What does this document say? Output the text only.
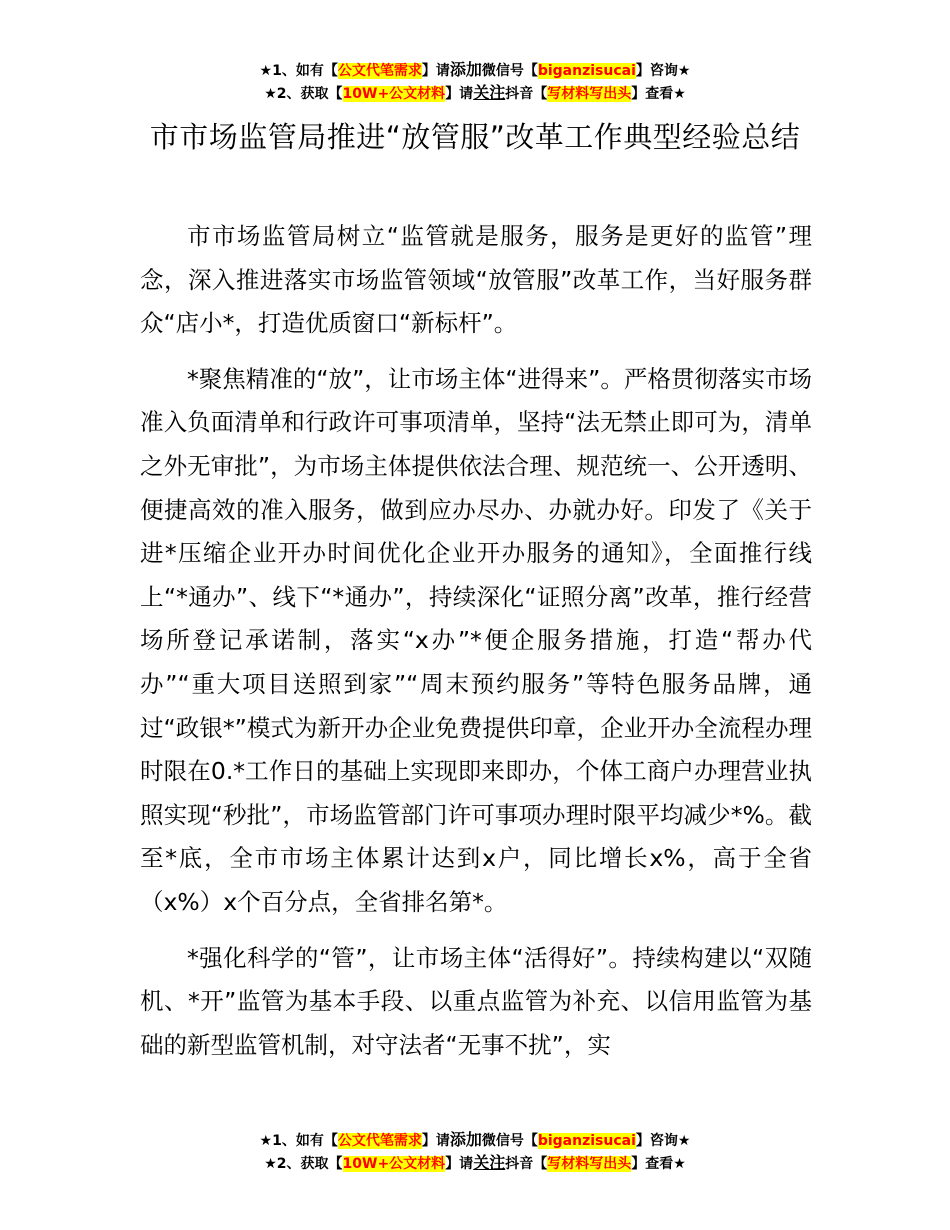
★1、如有【公文代笔需求】请添加微信号【biganzisucai】咨询★
★2、获取【10W+公文材料】请关注抖音【写材料写出头】查看★
市市场监管局推进“放管服”改革工作典型经验总结

市市场监管局树立“监管就是服务，服务是更好的监管”理念，深入推进落实市场监管领域“放管服”改革工作，当好服务群众“店小*，打造优质窗口“新标杆”。

*聚焦精准的“放”，让市场主体“进得来”。严格贯彻落实市场准入负面清单和行政许可事项清单，坚持“法无禁止即可为，清单之外无审批”，为市场主体提供依法合理、规范统一、公开透明、便捷高效的准入服务，做到应办尽办、办就办好。印发了《关于进*压缩企业开办时间优化企业开办服务的通知》，全面推行线上“*通办”、线下“*通办”，持续深化“证照分离”改革，推行经营场所登记承诺制，落实“x办”*便企服务措施，打造“帮办代办”“重大项目送照到家”“周末预约服务”等特色服务品牌，通过“政银*”模式为新开办企业免费提供印章，企业开办全流程办理时限在0.*工作日的基础上实现即来即办，个体工商户办理营业执照实现“秒批”，市场监管部门许可事项办理时限平均减少*%。截至*底，全市市场主体累计达到x户，同比增长x%，高于全省（x%）x个百分点，全省排名第*。

*强化科学的“管”，让市场主体“活得好”。持续构建以“双随机、*开”监管为基本手段、以重点监管为补充、以信用监管为基础的新型监管机制，对守法者“无事不扰”，实

★1、如有【公文代笔需求】请添加微信号【biganzisucai】咨询★
★2、获取【10W+公文材料】请关注抖音【写材料写出头】查看★
